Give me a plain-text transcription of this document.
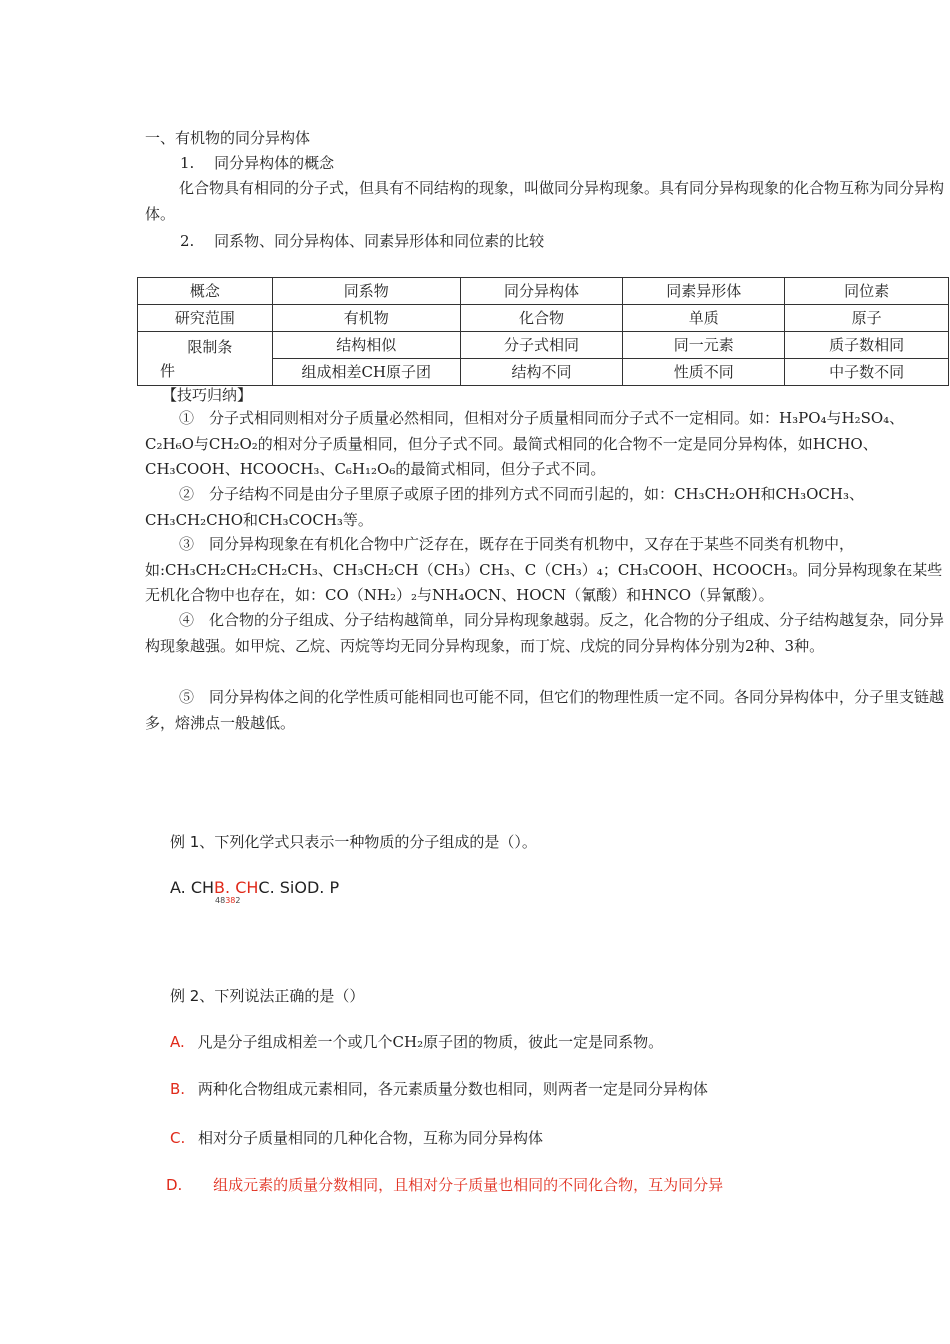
一、有机物的同分异构体
1.　 同分异构体的概念
化合物具有相同的分子式，但具有不同结构的现象，叫做同分异构现象。具有同分异构现象的化合物互称为同分异构体。
2.　 同系物、同分异构体、同素异形体和同位素的比较
概念	同系物	同分异构体	同素异形体	同位素
研究范围	有机物	化合物	单质	原子

限制条
件	结构相似	分子式相同	同一元素	质子数相同
	组成相差CH原子团	结构不同	性质不同	中子数不同
【技巧归纳】
①　分子式相同则相对分子质量必然相同，但相对分子质量相同而分子式不一定相同。如：H₃PO₄与H₂SO₄、C₂H₆O与CH₂O₂的相对分子质量相同，但分子式不同。最简式相同的化合物不一定是同分异构体，如HCHO、CH₃COOH、HCOOCH₃、C₆H₁₂O₆的最简式相同，但分子式不同。
②　分子结构不同是由分子里原子或原子团的排列方式不同而引起的，如：CH₃CH₂OH和CH₃OCH₃、CH₃CH₂CHO和CH₃COCH₃等。
③　同分异构现象在有机化合物中广泛存在，既存在于同类有机物中，又存在于某些不同类有机物中，如:CH₃CH₂CH₂CH₂CH₃、CH₃CH₂CH（CH₃）CH₃、C（CH₃）₄；CH₃COOH、HCOOCH₃。同分异构现象在某些无机化合物中也存在，如：CO（NH₂）₂与NH₄OCN、HOCN（氰酸）和HNCO（异氰酸）。
④　化合物的分子组成、分子结构越简单，同分异构现象越弱。反之，化合物的分子组成、分子结构越复杂，同分异构现象越强。如甲烷、乙烷、丙烷等均无同分异构现象，而丁烷、戊烷的同分异构体分别为2种、3种。
⑤　同分异构体之间的化学性质可能相同也可能不同，但它们的物理性质一定不同。各同分异构体中，分子里支链越多，熔沸点一般越低。
例 1、下列化学式只表示一种物质的分子组成的是（）。
A. CHB. CHC. SiOD. P
48382
例 2、下列说法正确的是（）
A. 凡是分子组成相差一个或几个CH₂原子团的物质，彼此一定是同系物。
B. 两种化合物组成元素相同，各元素质量分数也相同，则两者一定是同分异构体
C. 相对分子质量相同的几种化合物，互称为同分异构体
D. 组成元素的质量分数相同，且相对分子质量也相同的不同化合物，互为同分异
